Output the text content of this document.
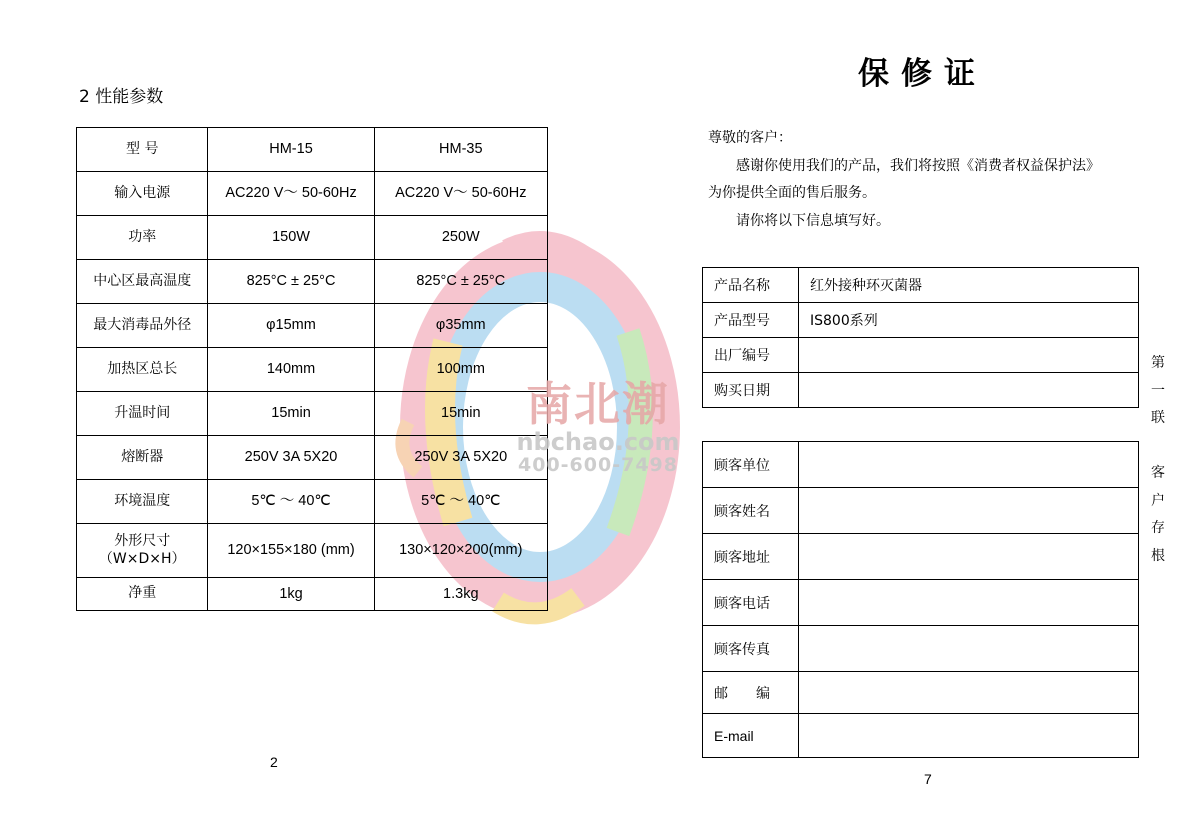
2 性能参数
型 号	HM-15	HM-35
输入电源	AC220 V～ 50-60Hz	AC220 V～ 50-60Hz
功率	150W	250W
中心区最高温度	825°C ± 25°C	825°C ± 25°C
最大消毒品外径	φ15mm	φ35mm
加热区总长	140mm	100mm
升温时间	15min	15min
熔断器	250V 3A 5X20	250V 3A 5X20
环境温度	5℃ ～ 40℃	5℃ ～ 40℃

外形尺寸
（W×D×H）	120×155×180 (mm)	130×120×200(mm)
净重	1kg	1.3kg
2
南北潮
nbchao.com
400-600-7498
保修证

尊敬的客户：

感谢你使用我们的产品，我们将按照《消费者权益保护法》

为你提供全面的售后服务。

请你将以下信息填写好。

产品名称	红外接种环灭菌器
产品型号	IS800系列
出厂编号	
购买日期	
顾客单位	
顾客姓名	
顾客地址	
顾客电话	
顾客传真	
邮　　编	
E-mail	
第
一
联
客
户
存
根
7
